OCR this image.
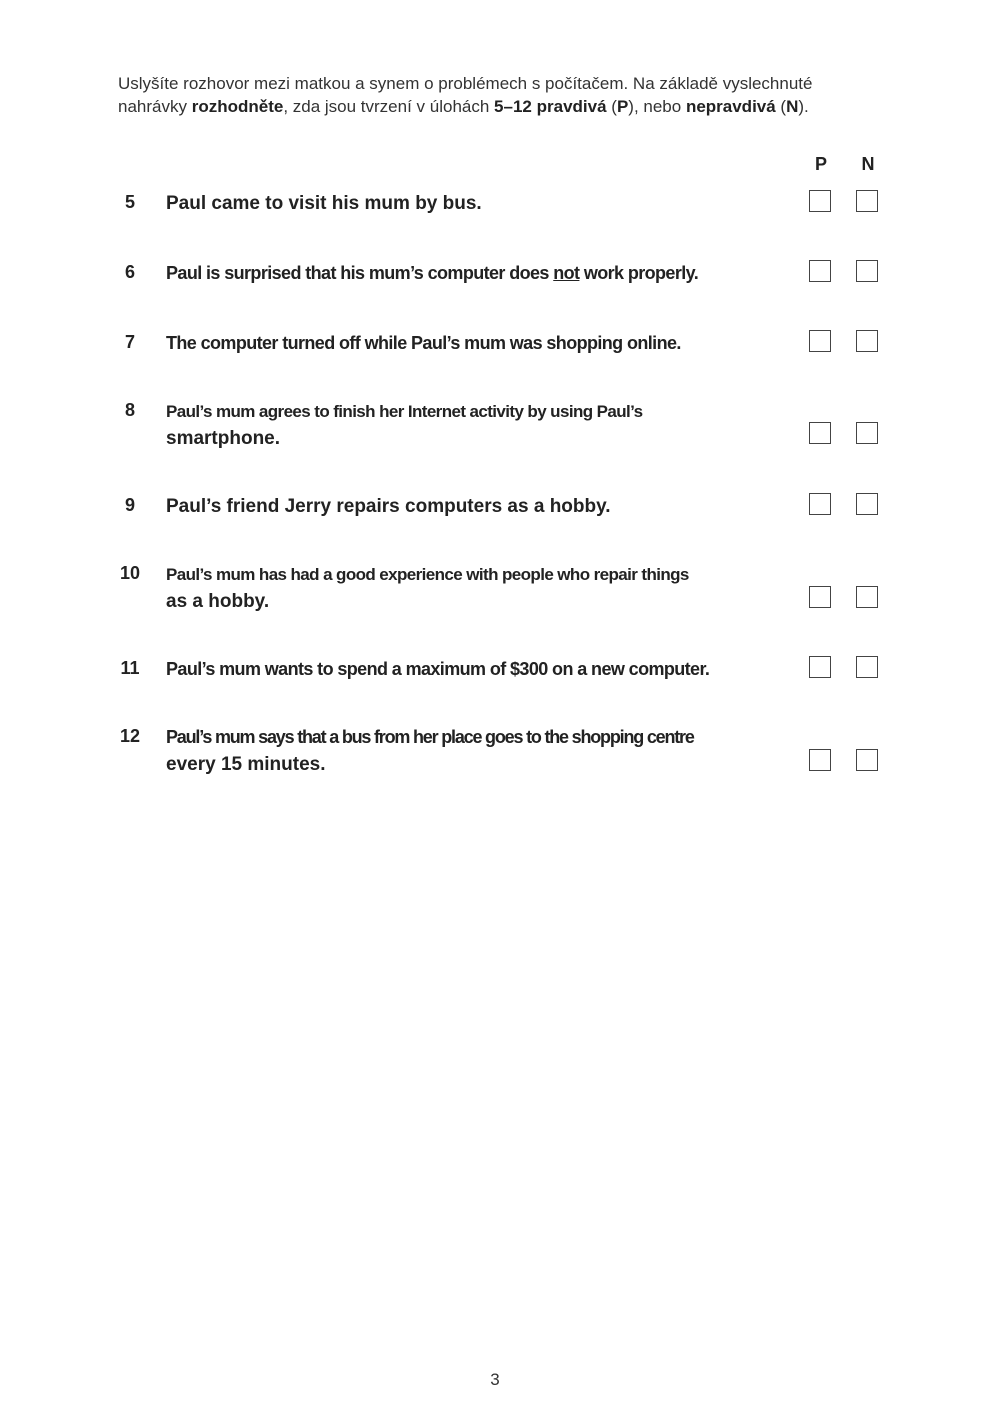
Uslyšíte rozhovor mezi matkou a synem o problémech s počítačem. Na základě vyslechnuté
nahrávky rozhodněte, zda jsou tvrzení v úlohách 5–12 pravdivá (P), nebo nepravdivá (N).
P	N
5	Paul came to visit his mum by bus.
6	Paul is surprised that his mum’s computer does not work properly.
7	The computer turned off while Paul’s mum was shopping online.
8	Paul’s mum agrees to finish her Internet activity by using Paul’s
smartphone.
9	Paul’s friend Jerry repairs computers as a hobby.
10	Paul’s mum has had a good experience with people who repair things
as a hobby.
11	Paul’s mum wants to spend a maximum of $300 on a new computer.
12	Paul’s mum says that a bus from her place goes to the shopping centre
every 15 minutes.
3
